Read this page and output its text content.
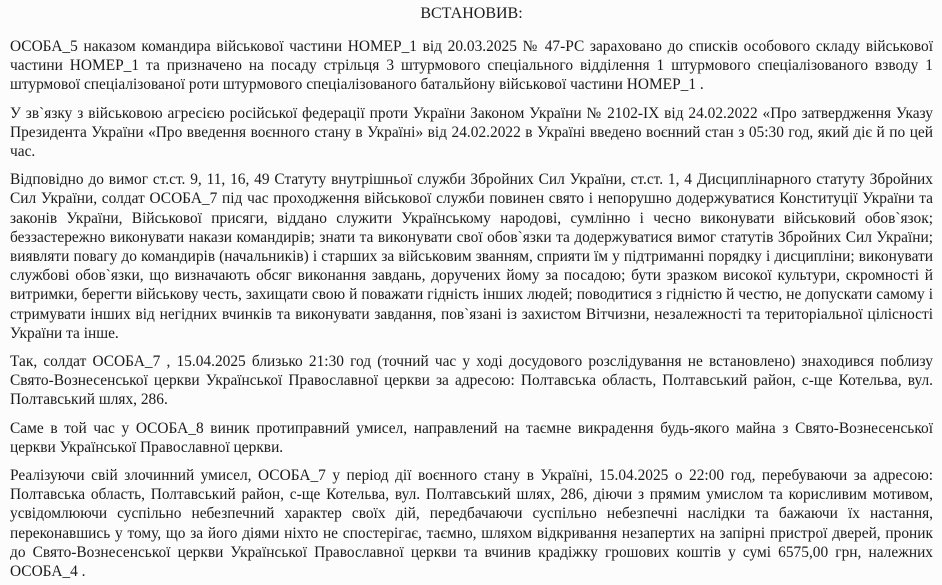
ВСТАНОВИВ:

ОСОБА_5 наказом командира військової частини НОМЕР_1 від 20.03.2025 № 47-РС зараховано до списків особового складу військової частини НОМЕР_1 та призначено на посаду стрільця 3 штурмового спеціального відділення 1 штурмового спеціалізованого взводу 1 штурмової спеціалізованої роти штурмового спеціалізованого батальйону військової частини НОМЕР_1 .

У зв`язку з військовою агресією російської федерації проти України Законом України № 2102-IX від 24.02.2022 «Про затвердження Указу Президента України «Про введення воєнного стану в Україні» від 24.02.2022 в Україні введено воєнний стан з 05:30 год, який діє й по цей час.

Відповідно до вимог ст.ст. 9, 11, 16, 49 Статуту внутрішньої служби Збройних Сил України, ст.ст. 1, 4 Дисциплінарного статуту Збройних Сил України, солдат ОСОБА_7 під час проходження військової служби повинен свято і непорушно додержуватися Конституції України та законів України, Військової присяги, віддано служити Українському народові, сумлінно і чесно виконувати військовий обов`язок; беззастережно виконувати накази командирів; знати та виконувати свої обов`язки та додержуватися вимог статутів Збройних Сил України; виявляти повагу до командирів (начальників) і старших за військовим званням, сприяти їм у підтриманні порядку і дисципліни; виконувати службові обов`язки, що визначають обсяг виконання завдань, доручених йому за посадою; бути зразком високої культури, скромності й витримки, берегти військову честь, захищати свою й поважати гідність інших людей; поводитися з гідністю й честю, не допускати самому і стримувати інших від негідних вчинків та виконувати завдання, пов`язані із захистом Вітчизни, незалежності та територіальної цілісності України та інше.

Так, солдат ОСОБА_7 , 15.04.2025 близько 21:30 год (точний час у ході досудового розслідування не встановлено) знаходився поблизу Свято-Вознесенської церкви Української Православної церкви за адресою: Полтавська область, Полтавський район, с-ще Котельва, вул. Полтавський шлях, 286.

Саме в той час у ОСОБА_8 виник протиправний умисел, направлений на таємне викрадення будь-якого майна з Свято-Вознесенської церкви Української Православної церкви.

Реалізуючи свій злочинний умисел, ОСОБА_7 у період дії воєнного стану в Україні, 15.04.2025 о 22:00 год, перебуваючи за адресою: Полтавська область, Полтавський район, с-ще Котельва, вул. Полтавський шлях, 286, діючи з прямим умислом та корисливим мотивом, усвідомлюючи суспільно небезпечний характер своїх дій, передбачаючи суспільно небезпечні наслідки та бажаючи їх настання, переконавшись у тому, що за його діями ніхто не спостерігає, таємно, шляхом відкривання незапертих на запірні пристрої дверей, проник до Свято-Вознесенської церкви Української Православної церкви та вчинив крадіжку грошових коштів у сумі 6575,00 грн, належних ОСОБА_4 .
